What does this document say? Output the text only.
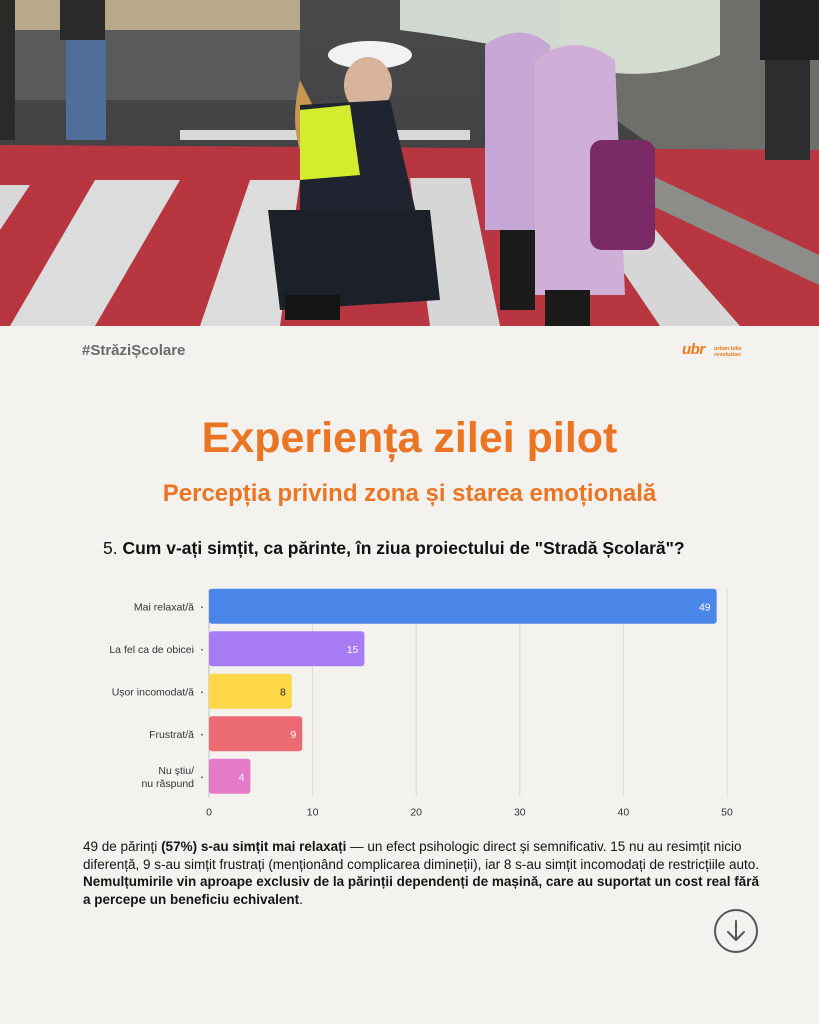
#StrăziȘcolare	ubr urban bike revolution
Experiența zilei pilot
Percepția privind zona și starea emoțională
5. Cum v-ați simțit, ca părinte, în ziua proiectului de "Stradă Școlară"?
0	10	20	30	40	50
Mai relaxat/ă	49
La fel ca de obicei	15
Ușor incomodat/ă	8
Frustrat/ă	9
Nu știu/
nu răspund
4
49 de părinți (57%) s-au simțit mai relaxați — un efect psihologic direct și semnificativ. 15 nu au resimțit nicio diferență, 9 s-au simțit frustrați (menționând complicarea dimineții), iar 8 s-au simțit incomodați de restricțiile auto. Nemulțumirile vin aproape exclusiv de la părinții dependenți de mașină, care au suportat un cost real fără a percepe un beneficiu echivalent.
